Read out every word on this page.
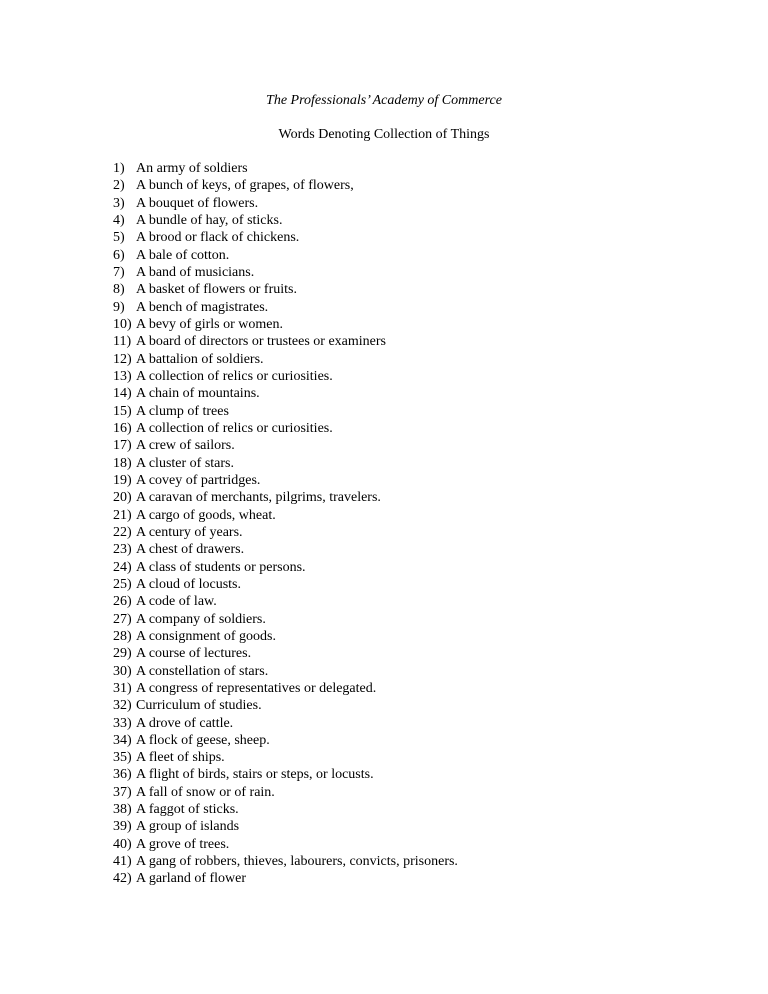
The Professionals’ Academy of Commerce
Words Denoting Collection of Things
1) An army of soldiers
2) A bunch of keys, of grapes, of flowers,
3) A bouquet of flowers.
4) A bundle of hay, of sticks.
5) A brood or flack of chickens.
6) A bale of cotton.
7) A band of musicians.
8) A basket of flowers or fruits.
9) A bench of magistrates.
10) A bevy of girls or women.
11) A board of directors or trustees or examiners
12) A battalion of soldiers.
13) A collection of relics or curiosities.
14) A chain of mountains.
15) A clump of trees
16) A collection of relics or curiosities.
17) A crew of sailors.
18) A cluster of stars.
19) A covey of partridges.
20) A caravan of merchants, pilgrims, travelers.
21) A cargo of goods, wheat.
22) A century of years.
23) A chest of drawers.
24) A class of students or persons.
25) A cloud of locusts.
26) A code of law.
27) A company of soldiers.
28) A consignment of goods.
29) A course of lectures.
30) A constellation of stars.
31) A congress of representatives or delegated.
32) Curriculum of studies.
33) A drove of cattle.
34) A flock of geese, sheep.
35) A fleet of ships.
36) A flight of birds, stairs or steps, or locusts.
37) A fall of snow or of rain.
38) A faggot of sticks.
39) A group of islands
40) A grove of trees.
41) A gang of robbers, thieves, labourers, convicts, prisoners.
42) A garland of flower
